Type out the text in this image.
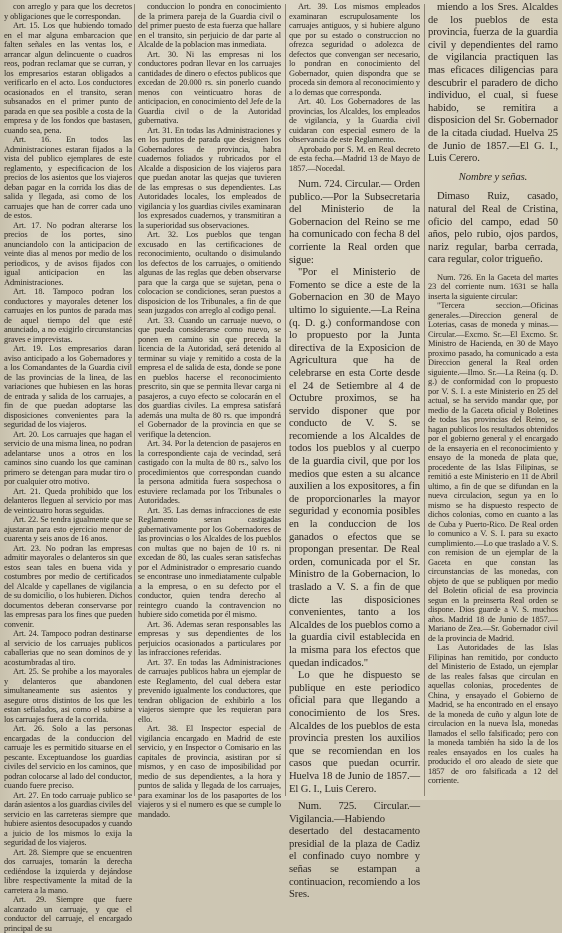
con arreglo y para que los decretos y obligaciones que le correspondan.

Art. 15. Los que hubiendo tomado en el mar alguna embarcacion que falten señales en las ventas los, e arrancar algun delincuente o cuadros reos, podran reclamar que se curran, y los empresarios estaran obligados a verificarlo en el acto. Los conductores ocasionados en el transito, seran subsanados en el primer punto de parada en que sea posible a costa de la empresa y de los fondos que bastasen, cuando sea, pena.

Art. 16. En todos las Administraciones estaran fijados a la vista del publico ejemplares de este reglamento, y especificacion de los precios de los asientos que los viajeros deban pagar en la corrida los dias de salida y llegada, asi como de los carruajes que han de correr cada uno de estos.

Art. 17. No podran alterarse los precios de los portes, sino anunciandolo con la anticipacion de veinte dias al menos por medio de los periodicos, y de avisos fijados con igual anticipacion en las Administraciones.

Art. 18. Tampoco podran los conductores y mayorales detener los carruajes en los puntos de parada mas de aquel tiempo del que esté anunciado, a no exigirlo circunstancias graves e imprevistas.

Art. 19. Los empresarios daran aviso anticipado a los Gobernadores y a los Comandantes de la Guardia civil de las provincias de la linea, de las variaciones que hubiesen en las horas de entrada y salida de los carruajes, a fin de que puedan adoptarse las disposiciones convenientes para la seguridad de los viajeros.

Art. 20. Los carruajes que hagan el servicio de una misma linea, no podran adelantarse unos a otros en los caminos sino cuando los que caminan primero se detengan para mudar tiro o por cualquier otro motivo.

Art. 21. Queda prohibido que los delanteros lleguen al servicio por mas de veinticuatro horas seguidas.

Art. 22. Se tendra igualmente que se ajustaran para esto ejercicio menor de cuarenta y seis anos de 16 anos.

Art. 23. No podran las empresas admitir mayorales o delanteros sin que estos sean tales en buena vida y costumbres por medio de certificados del Alcalde y capellanes de vigilancia de su domicilio, o los hubieren. Dichos documentos deberan conservarse por las empresas para los fines que pueden convenir.

Art. 24. Tampoco podran destinarse al servicio de los carruajes publicos caballerias que no sean dominos de y acostumbradas al tiro.

Art. 25. Se prohibe a los mayorales y delanteros que abandonen simultaneamente sus asientos y asegure otros distintos de los que les estan sefialados, asi como el subirse a los carruajes fuera de la corrida.

Art. 26. Solo a las personas encargadas de la conduccion del carruaje les es permitido situarse en el pescante. Exceptuandose los guardias civiles del servicio en los caminos, que podran colocarse al lado del conductor, cuando fuere preciso.

Art. 27. En todo carruaje publico se darán asientos a los guardias civiles del servicio en las carreteras siempre que hubiere asientos desocupados y cuando a juicio de los mismos lo exija la seguridad de los viajeros.

Art. 28. Siempre que se encuentren dos carruajes, tomarán la derecha cediéndose la izquierda y dejándose libre respectivamente la mitad de la carretera a la mano.

Art. 29. Siempre que fuere alcanzado un carruaje, y que el conductor del carruaje, el encargado principal de su

conduccion lo pondra en conocimiento de la primera pareja de la Guardia civil o del primer puesto de esta fuerza que hallare en el transito, sin perjuicio de dar parte al Alcalde de la poblacion mas inmediata.

Art. 30. Ni las empresas ni los conductores podran llevar en los carruajes cantidades de dinero o efectos publicos que excedan de 20.000 rs. sin ponerlo cuando menos con veinticuatro horas de anticipacion, en conocimiento del Jefe de la Guardia civil o de la Autoridad gubernativa.

Art. 31. En todas las Administraciones y en los puntos de parada que designen los Gobernadores de provincia, habra cuadernos foliados y rubricados por el Alcalde a disposicion de los viajeros para que puedan anotar las quejas que tuvieren de las empresas o sus dependientes. Las Autoridades locales, los empleados de vigilancia y los guardias civiles examinaran los expresados cuadernos, y transmitiran a la superioridad sus observaciones.

Art. 32. Los pueblos que tengan excusado en las certificaciones de reconocimiento, ocultando o disimulando los defectos de los carruajes, o omitiendo algunas de las reglas que deben observarse para que la carga que se sujetan, pena o colocacion se condiciones, seran puestos a disposicion de los Tribunales, a fin de que sean juzgados con arreglo al codigo penal.

Art. 33. Cuando un carruaje nuevo, o que pueda considerarse como nuevo, se ponen en camino sin que preceda la licencia de la Autoridad, será detenido al terminar su viaje y remitido a costa de la empresa el de salida de esta, donde se pone en pueblos hacerse el reconocimiento prescrito, sin que se permita llevar carga ni pasajeros, a cuyo efecto se colocarán en el dos guardias civiles. La empresa satisfará además una multa de 80 rs. que impondrá el Gobernador de la provincia en que se verifique la detencion.

Art. 34. Por la detencion de pasajeros en la correspondiente caja de vecindad, será castigado con la multa de 80 rs., salvo los procedimientos que correspondan cuando la persona admitida fuera sospechosa o estuviere reclamada por los Tribunales o Autoridades.

Art. 35. Las demas infracciones de este Reglamento seran castigadas gubernativamente por los Gobernadores de las provincias o los Alcaldes de los pueblos con multas que no bajen de 10 rs. ni excedan de 80, las cuales seran satisfechas por el Administrador o empresario cuando se encontrase uno inmediatamente culpable a la empresa, o en su defecto por el conductor, quien tendra derecho al reintegro cuando la contravencion no hubiere sido cometida por él mismo.

Art. 36. Ademas seran responsables las empresas y sus dependientes de los perjuicios ocasionados a particulares por las infracciones referidas.

Art. 37. En todas las Administraciones de carruajes publicos habra un ejemplar de este Reglamento, del cual debera estar prevenido igualmente los conductores, que tendran obligacion de exhibirlo a los viajeros siempre que les requieran para ello.

Art. 38. El Inspector especial de vigilancia encargado en Madrid de este servicio, y en Inspector o Comisario en las capitales de provincia, asistiran por sí mismos, y en caso de imposibilidad por medio de sus dependientes, a la hora y puntos de salida y llegada de los carruajes, para examinar los de los pasaportes de los viajeros y si el numero es que se cumple lo mandado.

Art. 39. Los mismos empleados examinaran escrupulosamente los carruajes antiguos, y si hubiere alguno que por su estado o construccion no ofrezca seguridad o adolezca de defectos que convengan ser necesario, lo pondran en conocimiento del Gobernador, quien dispondra que se proceda sin demora al reconocimiento y a lo demas que corresponda.

Art. 40. Los Gobernadores de las provincias, los Alcaldes, los empleados de vigilancia, y la Guardia civil cuidaran con especial esmero de la observancia de este Reglamento.

Aprobado por S. M. en Real decreto de esta fecha.—Madrid 13 de Mayo de 1857.—Nocedal.

Num. 724. Circular.— Orden publico.—Por la Subsecretaria del Ministerio de la Gobernacion del Reino se me ha comunicado con fecha 8 del corriente la Real orden que sigue:

"Por el Ministerio de Fomento se dice a este de la Gobernacion en 30 de Mayo ultimo lo siguiente.—La Reina (q. D. g.) conformandose con lo propuesto por la Junta directiva de la Exposicion de Agricultura que ha de celebrarse en esta Corte desde el 24 de Setiembre al 4 de Octubre proximos, se ha servido disponer que por conducto de V. S. se recomiende a los Alcaldes de todos los pueblos y al cuerpo de la guardia civil, que por los medios que esten a su alcance auxilien a los expositores, a fin de proporcionarles la mayor seguridad y economia posibles en la conduccion de los ganados o efectos que se propongan presentar. De Real orden, comunicada por el Sr. Ministro de la Gobernacion, lo traslado a V. S. a fin de que dicte las disposiciones convenientes, tanto a los Alcaldes de los pueblos como a la guardia civil establecida en la misma para los efectos que quedan indicados."

Lo que he dispuesto se publique en este periodico oficial para que llegando a conocimiento de los Sres. Alcaldes de los pueblos de esta provincia presten los auxilios que se recomiendan en los casos que puedan ocurrir. Huelva 18 de Junio de 1857.—El G. I., Luis Cerero.

Num. 725. Circular.—Vigilancia.—Habiendo desertado del destacamento presidial de la plaza de Cadiz el confinado cuyo nombre y señas se estampan a continuacion, recomiendo a los Sres.

miendo a los Sres. Alcaldes de los pueblos de esta provincia, fuerza de la guardia civil y dependientes del ramo de vigilancia practiquen las mas eficaces diligencias para descubrir el paradero de dicho individuo, el cual, si fuese habido, se remitira a disposicion del Sr. Gobernador de la citada ciudad. Huelva 25 de Junio de 1857.—El G. I., Luis Cerero.

Nombre y señas.

Dimaso Ruiz, casado, natural del Real de Cristina, oficio del campo, edad 50 años, pelo rubio, ojos pardos, nariz regular, barba cerrada, cara regular, color trigueño.

Num. 726. En la Gaceta del martes 23 del corriente num. 1631 se halla inserta la siguiente circular:

"Tercera seccion.—Oficinas generales.—Direccion general de Loterias, casas de moneda y minas.—Circular.—Excmo. Sr.—El Excmo. Sr. Ministro de Hacienda, en 30 de Mayo proximo pasado, ha comunicado a esta Direccion general la Real orden siguiente.—Ilmo. Sr.—La Reina (q. D. g.) de conformidad con lo propuesto por V. S. I. a este Ministerio en 25 del actual, se ha servido mandar que, por medio de la Gaceta oficial y Boletines de todas las provincias del Reino, se hagan publicos los resultados obtenidos por el gobierno general y el encargado de la ensayeria en el reconocimiento y ensayo de la moneda de plata que, procedente de las Islas Filipinas, se remitió a este Ministerio en 11 de Abril ultimo, a fin de que se difundan en la nueva circulacion, segun ya en lo mismo se ha dispuesto respecto de dichos colonias, como en cuanto a las de Cuba y Puerto-Rico. De Real orden lo comunico a V. S. I. para su exacto cumplimiento.—Lo que traslado a V. S. con remision de un ejemplar de la Gaceta en que constan las circunstancias de las monedas, con objeto de que se publiquen por medio del Boletin oficial de esa provincia segun en la preinserta Real orden se dispone. Dios guarde a V. S. muchos años. Madrid 18 de Junio de 1857.—Mariano de Zea.—Sr. Gobernador civil de la provincia de Madrid.

Las Autoridades de las Islas Filipinas han remitido, por conducto del Ministerio de Estado, un ejemplar de las reales falsas que circulan en aquellas colonias, procedentes de China, y ensayado el Gobierno de Madrid, se ha encontrado en el ensayo de la moneda de cuño y algun lote de circulacion en la nueva Isla, monedas llamados el sello falsificado; pero con la moneda también ha sido la de los reales ensayados en los cuales ha producido el oro aleado de siete que 1857 de oro falsificada a 12 del corriente.
